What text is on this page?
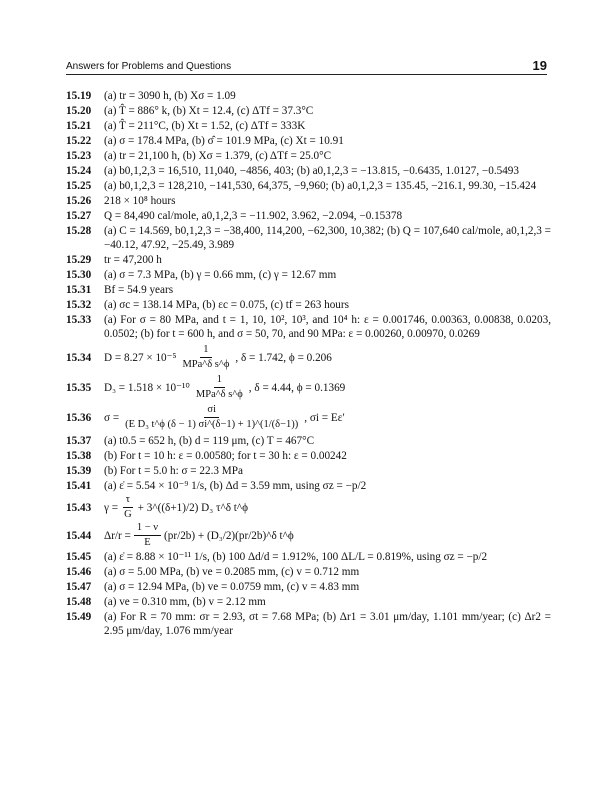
Answers for Problems and Questions	19
15.19	(a) tr = 3090 h, (b) Xσ = 1.09
15.20	(a) T̂ = 886° k, (b) Xt = 12.4, (c) ΔTf = 37.3°C
15.21	(a) T̂ = 211°C, (b) Xt = 1.52, (c) ΔTf = 333K
15.22	(a) σ = 178.4 MPa, (b) σ̂ = 101.9 MPa, (c) Xt = 10.91
15.23	(a) tr = 21,100 h, (b) Xσ = 1.379, (c) ΔTf = 25.0°C
15.24	(a) b0,1,2,3 = 16,510, 11,040, −4856, 403; (b) a0,1,2,3 = −13.815, −0.6435, 1.0127, −0.5493
15.25	(a) b0,1,2,3 = 128,210, −141,530, 64,375, −9,960; (b) a0,1,2,3 = 135.45, −216.1, 99.30, −15.424
15.26	218 × 10⁸ hours
15.27	Q = 84,490 cal/mole, a0,1,2,3 = −11.902, 3.962, −2.094, −0.15378
15.28	(a) C = 14.569, b0,1,2,3 = −38,400, 114,200, −62,300, 10,382; (b) Q = 107,640 cal/mole, a0,1,2,3 = −40.12, 47.92, −25.49, 3.989
15.29	tr = 47,200 h
15.30	(a) σ = 7.3 MPa, (b) γ = 0.66 mm, (c) γ = 12.67 mm
15.31	Bf = 54.9 years
15.32	(a) σc = 138.14 MPa, (b) εc = 0.075, (c) tf = 263 hours
15.33	(a) For σ = 80 MPa, and t = 1, 10, 10², 10³, and 10⁴ h: ε = 0.001746, 0.00363, 0.00838, 0.0203, 0.0502; (b) for t = 600 h, and σ = 50, 70, and 90 MPa: ε = 0.00260, 0.00970, 0.0269
15.34	$D = 8.27 \times 10^{-5} \frac{1}{\text{MPa\textasciicircum{}δ s\textasciicircum{}ϕ}}$ , δ = 1.742, ϕ = 0.206
15.35	$D_3 = 1.518 \times 10^{-10} \frac{1}{\text{MPa\textasciicircum{}δ s\textasciicircum{}ϕ}}$ , δ = 4.44, ϕ = 0.1369
15.36	$\sigma = \frac{\sigma i}{\text{(E D₃ t\textasciicircum{}ϕ (δ − 1) σi\textasciicircum{}(δ−1) + 1)\textasciicircum{}(1/(δ−1))}}$ , σi = Eε′
15.37	(a) t0.5 = 652 h, (b) d = 119 μm, (c) T = 467°C
15.38	(b) For t = 10 h: ε = 0.00580; for t = 30 h: ε = 0.00242
15.39	(b) For t = 5.0 h: σ = 22.3 MPa
15.41	(a) ε̇ = 5.54 × 10⁻⁹ 1/s, (b) Δd = 3.59 mm, using σz = −p/2
15.43	$\gamma = \frac{\tau}{G}$ + 3^((δ+1)/2) D₃ τ^δ t^ϕ
15.44	$\Delta r/r = \frac{1 - \nu}{E} (pr/2b)$ + (D₃/2)(pr/2b)^δ t^ϕ
15.45	(a) ε̇ = 8.88 × 10⁻¹¹ 1/s, (b) 100 Δd/d = 1.912%, 100 ΔL/L = 0.819%, using σz = −p/2
15.46	(a) σ = 5.00 MPa, (b) ve = 0.2085 mm, (c) v = 0.712 mm
15.47	(a) σ = 12.94 MPa, (b) ve = 0.0759 mm, (c) v = 4.83 mm
15.48	(a) ve = 0.310 mm, (b) v = 2.12 mm
15.49	(a) For R = 70 mm: σr = 2.93, σt = 7.68 MPa; (b) Δr1 = 3.01 μm/day, 1.101 mm/year; (c) Δr2 = 2.95 μm/day, 1.076 mm/year
